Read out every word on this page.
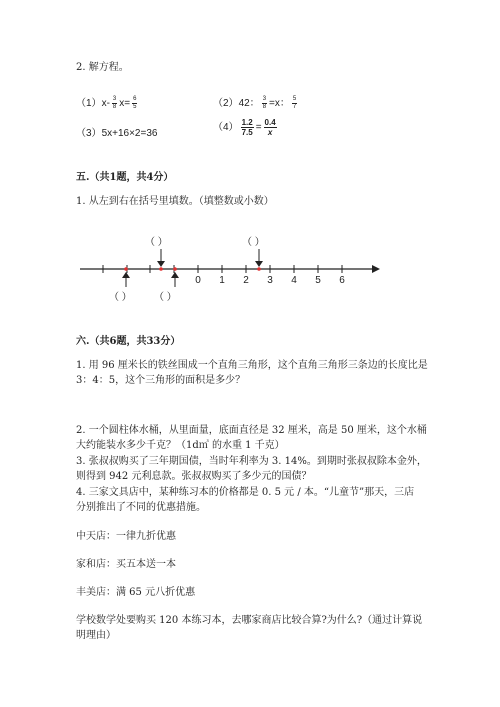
2. 解方程。
$(1)x- \frac{3}{8} x= \frac{6}{5}$	（2）42： $\frac{3}{8} =x$： $\frac{5}{7}$
（3）5x+16×2=36
$(4) \frac{1.2}{7.5} = \frac{0.4}{x}$
五.（共1题，共4分）
1. 从左到右在括号里填数。（填整数或小数）
（ ）	（ ）
0 1 2 3 4 5 6
（ ） （ ）
六.（共6题，共33分）
1. 用 96 厘米长的铁丝围成一个直角三角形，这个直角三角形三条边的长度比是
3：4：5，这个三角形的面积是多少？
2. 一个圆柱体水桶，从里面量，底面直径是 32 厘米，高是 50 厘米，这个水桶
大约能装水多少千克？（1d㎥ 的水重 1 千克）
3. 张叔叔购买了三年期国债，当时年利率为 3. 14%。到期时张叔叔除本金外，
则得到 942 元利息款。张叔叔购买了多少元的国债？
4. 三家文具店中，某种练习本的价格都是 0. 5 元 / 本。“儿童节”那天，三店
分别推出了不同的优惠措施。
中天店：一律九折优惠
家和店：买五本送一本
丰美店：满 65 元八折优惠
学校数学处要购买 120 本练习本，去哪家商店比较合算?为什么?（通过计算说
明理由）
